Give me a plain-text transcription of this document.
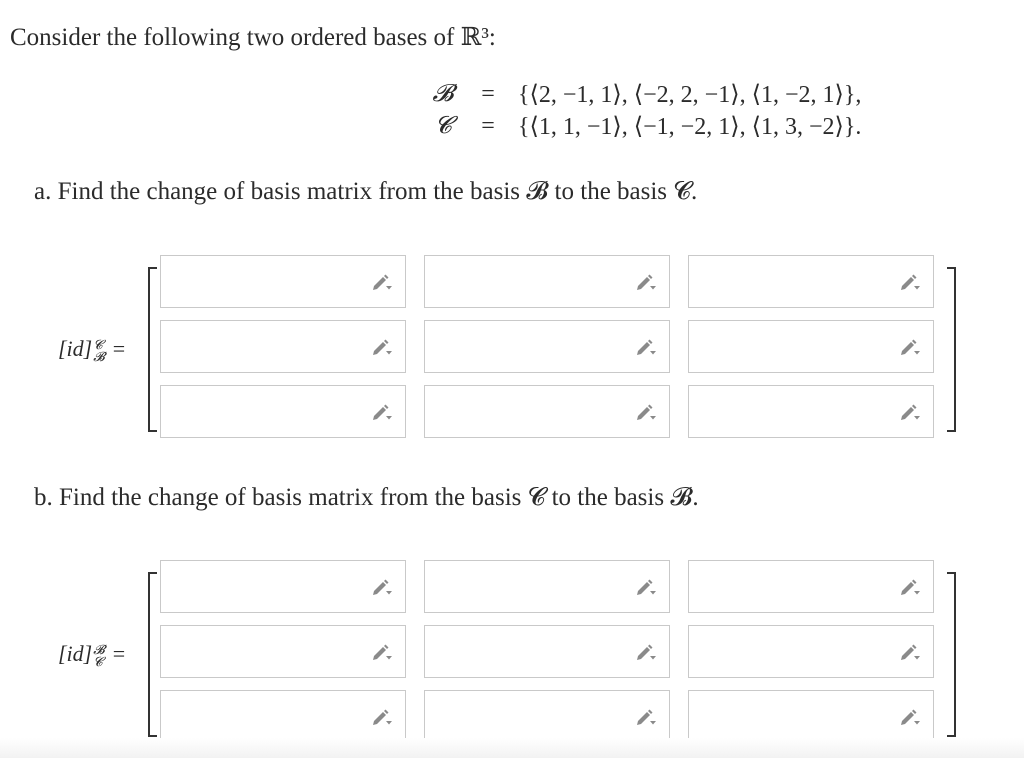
Consider the following two ordered bases of ℝ³:
𝓑	= {⟨2, −1, 1⟩, ⟨−2, 2, −1⟩, ⟨1, −2, 1⟩},
𝓒	= {⟨1, 1, −1⟩, ⟨−1, −2, 1⟩, ⟨1, 3, −2⟩}.
a. Find the change of basis matrix from the basis 𝓑 to the basis 𝓒.
[id]𝓒
𝓑 =
b. Find the change of basis matrix from the basis 𝓒 to the basis 𝓑.
[id]𝓑
𝓒 =
